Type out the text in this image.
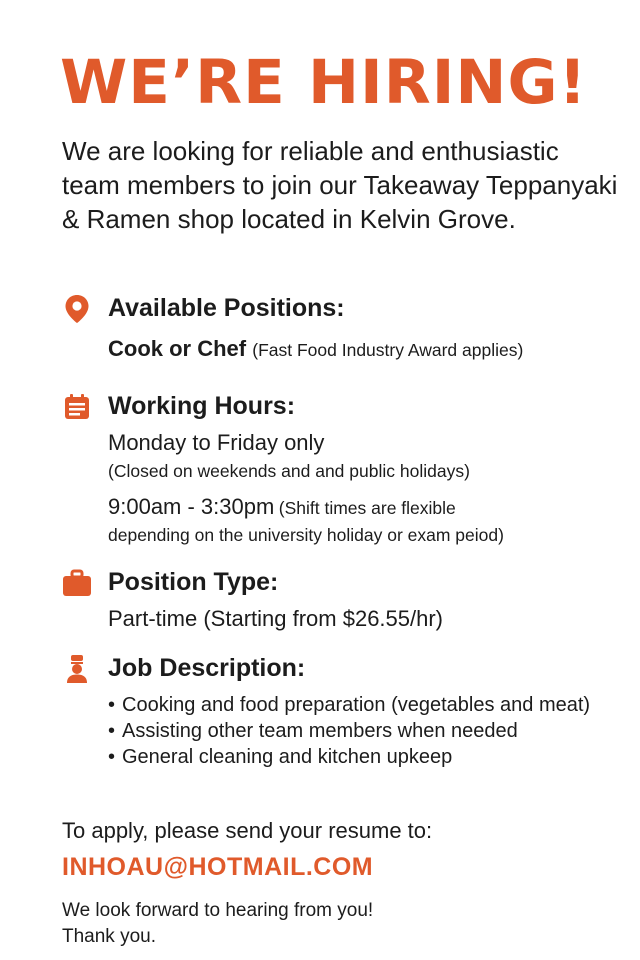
WE’RE HIRING!
We are looking for reliable and enthusiastic team members to join our Takeaway Teppanyaki & Ramen shop located in Kelvin Grove.
Available Positions:
Cook or Chef (Fast Food Industry Award applies)
Working Hours:
Monday to Friday only
(Closed on weekends and and public holidays)
9:00am - 3:30pm (Shift times are flexible
depending on the university holiday or exam peiod)
Position Type:
Part-time (Starting from $26.55/hr)
Job Description:
• Cooking and food preparation (vegetables and meat)
• Assisting other team members when needed
• General cleaning and kitchen upkeep
To apply, please send your resume to:
INHOAU@HOTMAIL.COM
We look forward to hearing from you!
Thank you.
